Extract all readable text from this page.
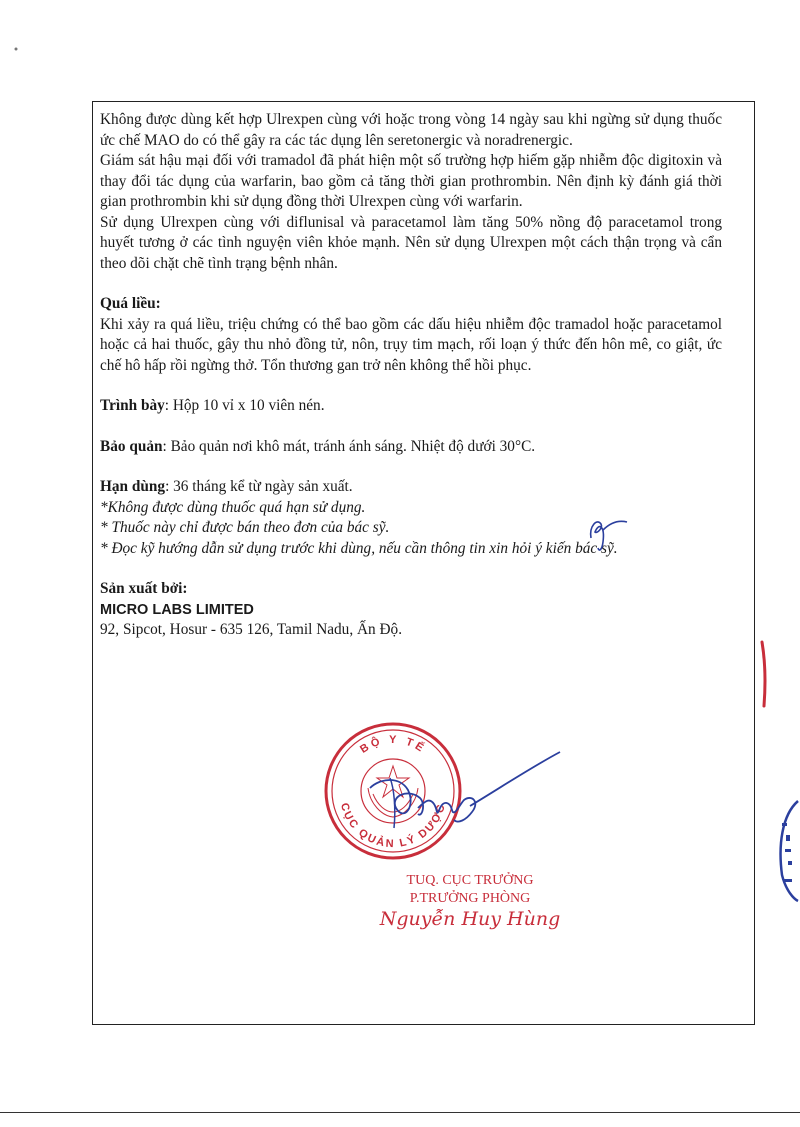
Không được dùng kết hợp Ulrexpen cùng với hoặc trong vòng 14 ngày sau khi ngừng sử dụng thuốc ức chế MAO do có thể gây ra các tác dụng lên seretonergic và noradrenergic.

Giám sát hậu mại đối với tramadol đã phát hiện một số trường hợp hiếm gặp nhiễm độc digitoxin và thay đổi tác dụng của warfarin, bao gồm cả tăng thời gian prothrombin. Nên định kỳ đánh giá thời gian prothrombin khi sử dụng đồng thời Ulrexpen cùng với warfarin.

Sử dụng Ulrexpen cùng với diflunisal và paracetamol làm tăng 50% nồng độ paracetamol trong huyết tương ở các tình nguyện viên khỏe mạnh. Nên sử dụng Ulrexpen một cách thận trọng và cẩn theo dõi chặt chẽ tình trạng bệnh nhân.

Quá liều:

Khi xảy ra quá liều, triệu chứng có thể bao gồm các dấu hiệu nhiễm độc tramadol hoặc paracetamol hoặc cả hai thuốc, gây thu nhỏ đồng tử, nôn, trụy tim mạch, rối loạn ý thức đến hôn mê, co giật, ức chế hô hấp rồi ngừng thở. Tổn thương gan trở nên không thể hồi phục.

Trình bày: Hộp 10 vỉ x 10 viên nén.

Bảo quản: Bảo quản nơi khô mát, tránh ánh sáng. Nhiệt độ dưới 30°C.

Hạn dùng: 36 tháng kể từ ngày sản xuất.

*Không được dùng thuốc quá hạn sử dụng.

* Thuốc này chỉ được bán theo đơn của bác sỹ.

* Đọc kỹ hướng dẫn sử dụng trước khi dùng, nếu cần thông tin xin hỏi ý kiến bác sỹ.

Sản xuất bởi:

MICRO LABS LIMITED

92, Sipcot, Hosur - 635 126, Tamil Nadu, Ấn Độ.

BỘ Y TẾ
CỤC QUẢN LÝ DƯỢC
TUQ. CỤC TRƯỞNG
P.TRƯỞNG PHÒNG
Nguyễn Huy Hùng
